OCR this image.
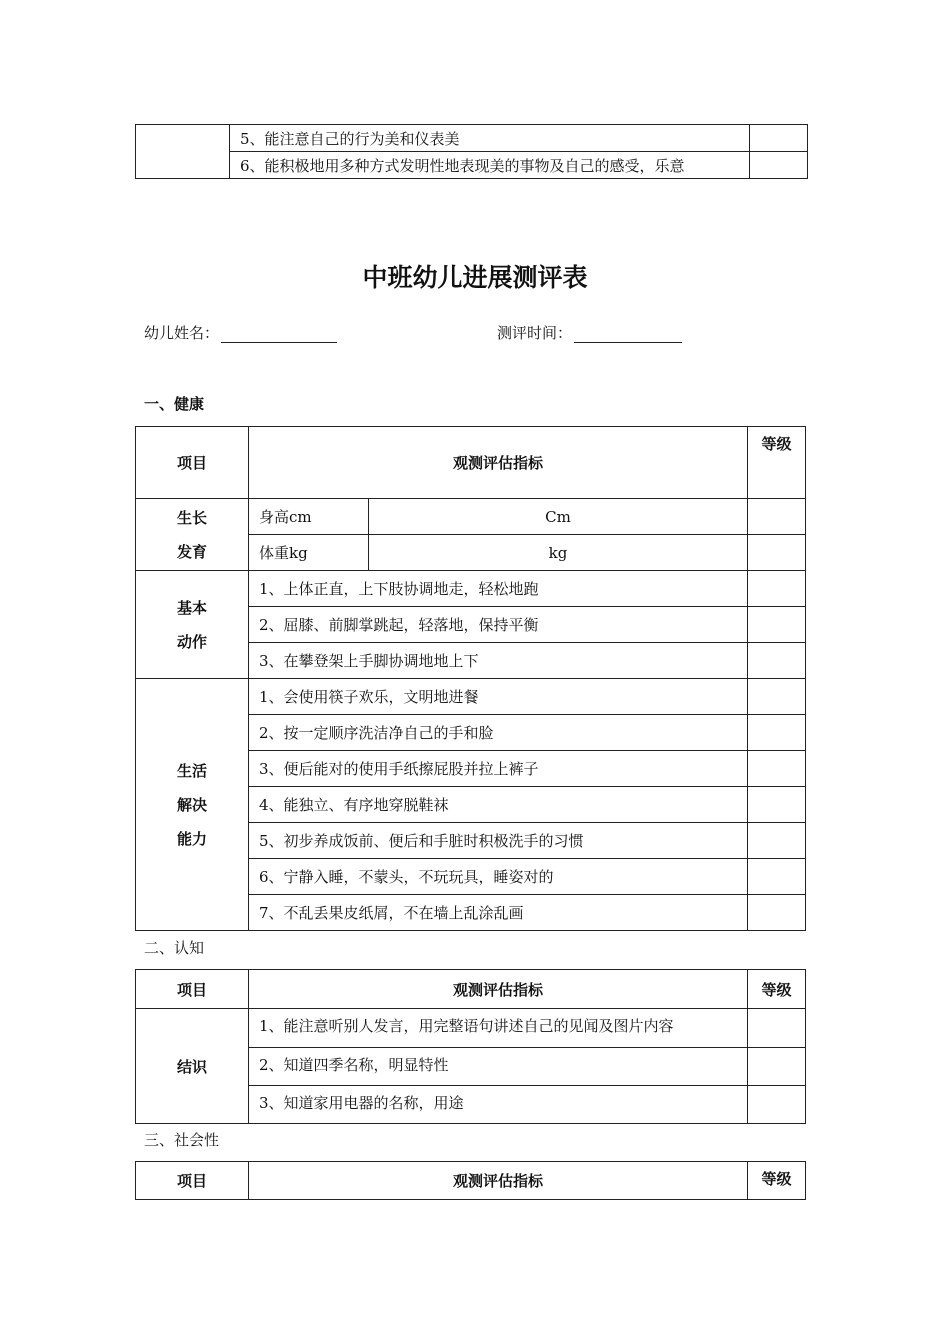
	5、能注意自己的行为美和仪表美	
	6、能积极地用多种方式发明性地表现美的事物及自己的感受，乐意	
中班幼儿进展测评表
幼儿姓名：	测评时间：
一、健康
项目	观测评估指标		等级

生长
发育	身高cm	Cm	
	体重kg	kg	

基本
动作	1、上体正直，上下肢协调地走，轻松地跑		
	2、屈膝、前脚掌跳起，轻落地，保持平衡		
	3、在攀登架上手脚协调地地上下		

生活
解决
能力	1、会使用筷子欢乐，文明地进餐		
	2、按一定顺序洗洁净自己的手和脸		
	3、便后能对的使用手纸擦屁股并拉上裤子		
	4、能独立、有序地穿脱鞋袜		
	5、初步养成饭前、便后和手脏时积极洗手的习惯		
	6、宁静入睡，不蒙头，不玩玩具，睡姿对的		
	7、不乱丢果皮纸屑，不在墙上乱涂乱画		
二、认知
项目	观测评估指标	等级
结识	1、能注意听别人发言，用完整语句讲述自己的见闻及图片内容	
	2、知道四季名称，明显特性	
	3、知道家用电器的名称，用途	
三、社会性
项目	观测评估指标	等级
